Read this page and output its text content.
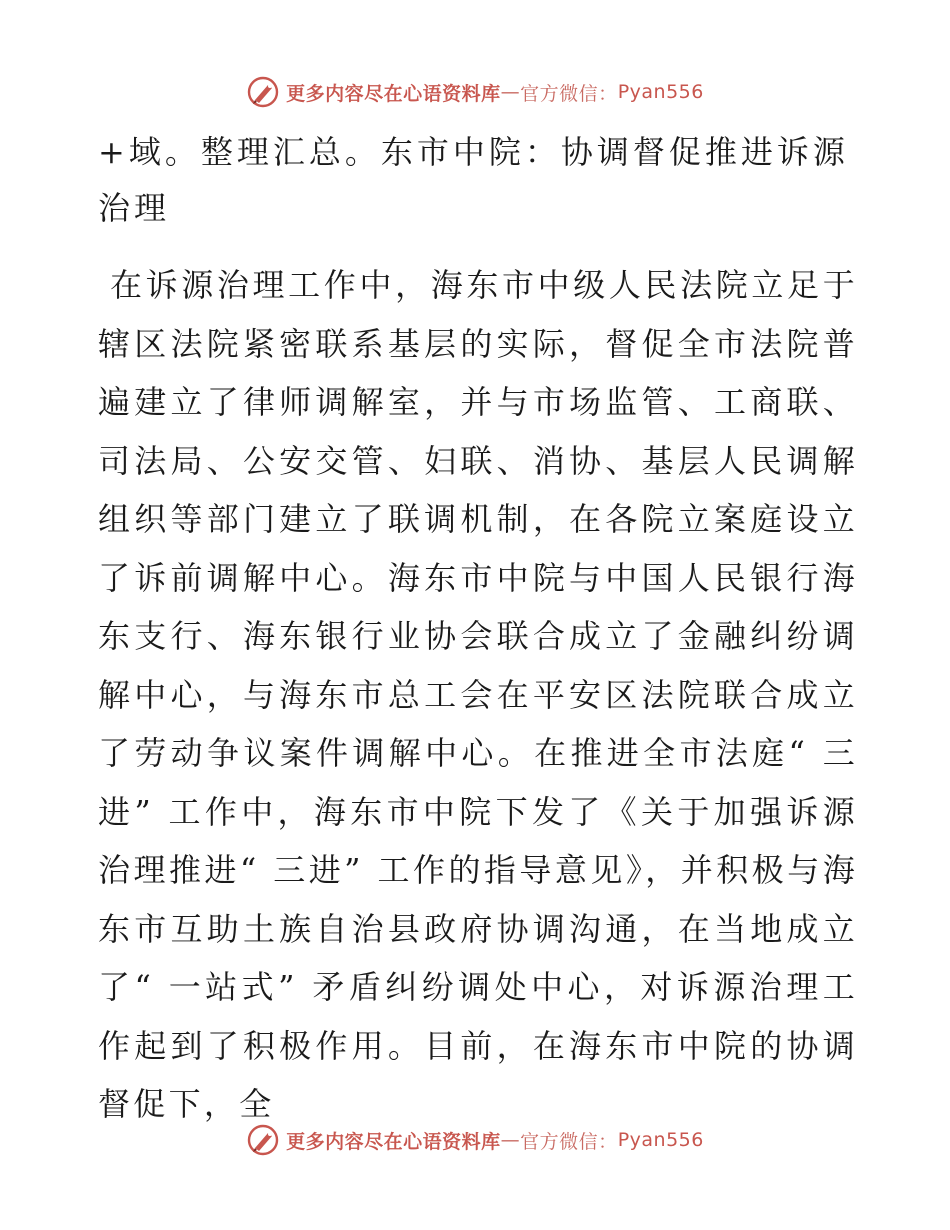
更多内容尽在心语资料库 — 官方微信： Pyan556
+域。整理汇总。东市中院：协调督促推进诉源治理

在诉源治理工作中，海东市中级人民法院立足于辖区法院紧密联系基层的实际，督促全市法院普遍建立了律师调解室，并与市场监管、工商联、司法局、公安交管、妇联、消协、基层人民调解组织等部门建立了联调机制，在各院立案庭设立了诉前调解中心。海东市中院与中国人民银行海东支行、海东银行业协会联合成立了金融纠纷调解中心，与海东市总工会在平安区法院联合成立了劳动争议案件调解中心。在推进全市法庭“ 三进” 工作中，海东市中院下发了《关于加强诉源治理推进“ 三进” 工作的指导意见》，并积极与海东市互助土族自治县政府协调沟通，在当地成立了“ 一站式” 矛盾纠纷调处中心，对诉源治理工作起到了积极作用。目前，在海东市中院的协调督促下，全

更多内容尽在心语资料库 — 官方微信： Pyan556
